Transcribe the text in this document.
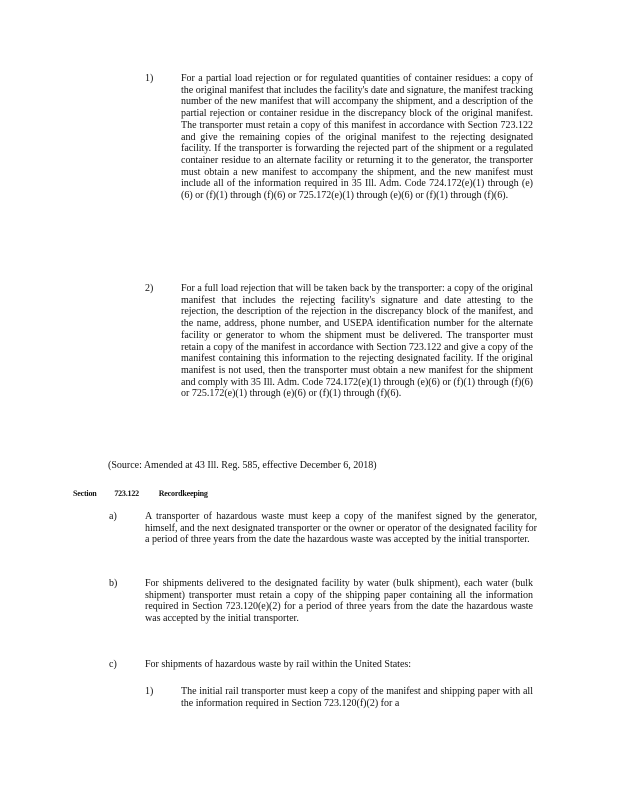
1)	For a partial load rejection or for regulated quantities of container residues: a copy of the original manifest that includes the facility's date and signature, the manifest tracking number of the new manifest that will accompany the shipment, and a description of the partial rejection or container residue in the discrepancy block of the original manifest. The transporter must retain a copy of this manifest in accordance with Section 723.122 and give the remaining copies of the original manifest to the rejecting designated facility. If the transporter is forwarding the rejected part of the shipment or a regulated container residue to an alternate facility or returning it to the generator, the transporter must obtain a new manifest to accompany the shipment, and the new manifest must include all of the information required in 35 Ill. Adm. Code 724.172(e)(1) through (e)(6) or (f)(1) through (f)(6) or 725.172(e)(1) through (e)(6) or (f)(1) through (f)(6).
2)	For a full load rejection that will be taken back by the transporter: a copy of the original manifest that includes the rejecting facility's signature and date attesting to the rejection, the description of the rejection in the discrepancy block of the manifest, and the name, address, phone number, and USEPA identification number for the alternate facility or generator to whom the shipment must be delivered. The transporter must retain a copy of the manifest in accordance with Section 723.122 and give a copy of the manifest containing this information to the rejecting designated facility. If the original manifest is not used, then the transporter must obtain a new manifest for the shipment and comply with 35 Ill. Adm. Code 724.172(e)(1) through (e)(6) or (f)(1) through (f)(6) or 725.172(e)(1) through (e)(6) or (f)(1) through (f)(6).
(Source: Amended at 43 Ill. Reg. 585, effective December 6, 2018)
Section 723.122 Recordkeeping
a)	A transporter of hazardous waste must keep a copy of the manifest signed by the generator, himself, and the next designated transporter or the owner or operator of the designated facility for a period of three years from the date the hazardous waste was accepted by the initial transporter.
b)	For shipments delivered to the designated facility by water (bulk shipment), each water (bulk shipment) transporter must retain a copy of the shipping paper containing all the information required in Section 723.120(e)(2) for a period of three years from the date the hazardous waste was accepted by the initial transporter.
c)	For shipments of hazardous waste by rail within the United States:
1)	The initial rail transporter must keep a copy of the manifest and shipping paper with all the information required in Section 723.120(f)(2) for a
